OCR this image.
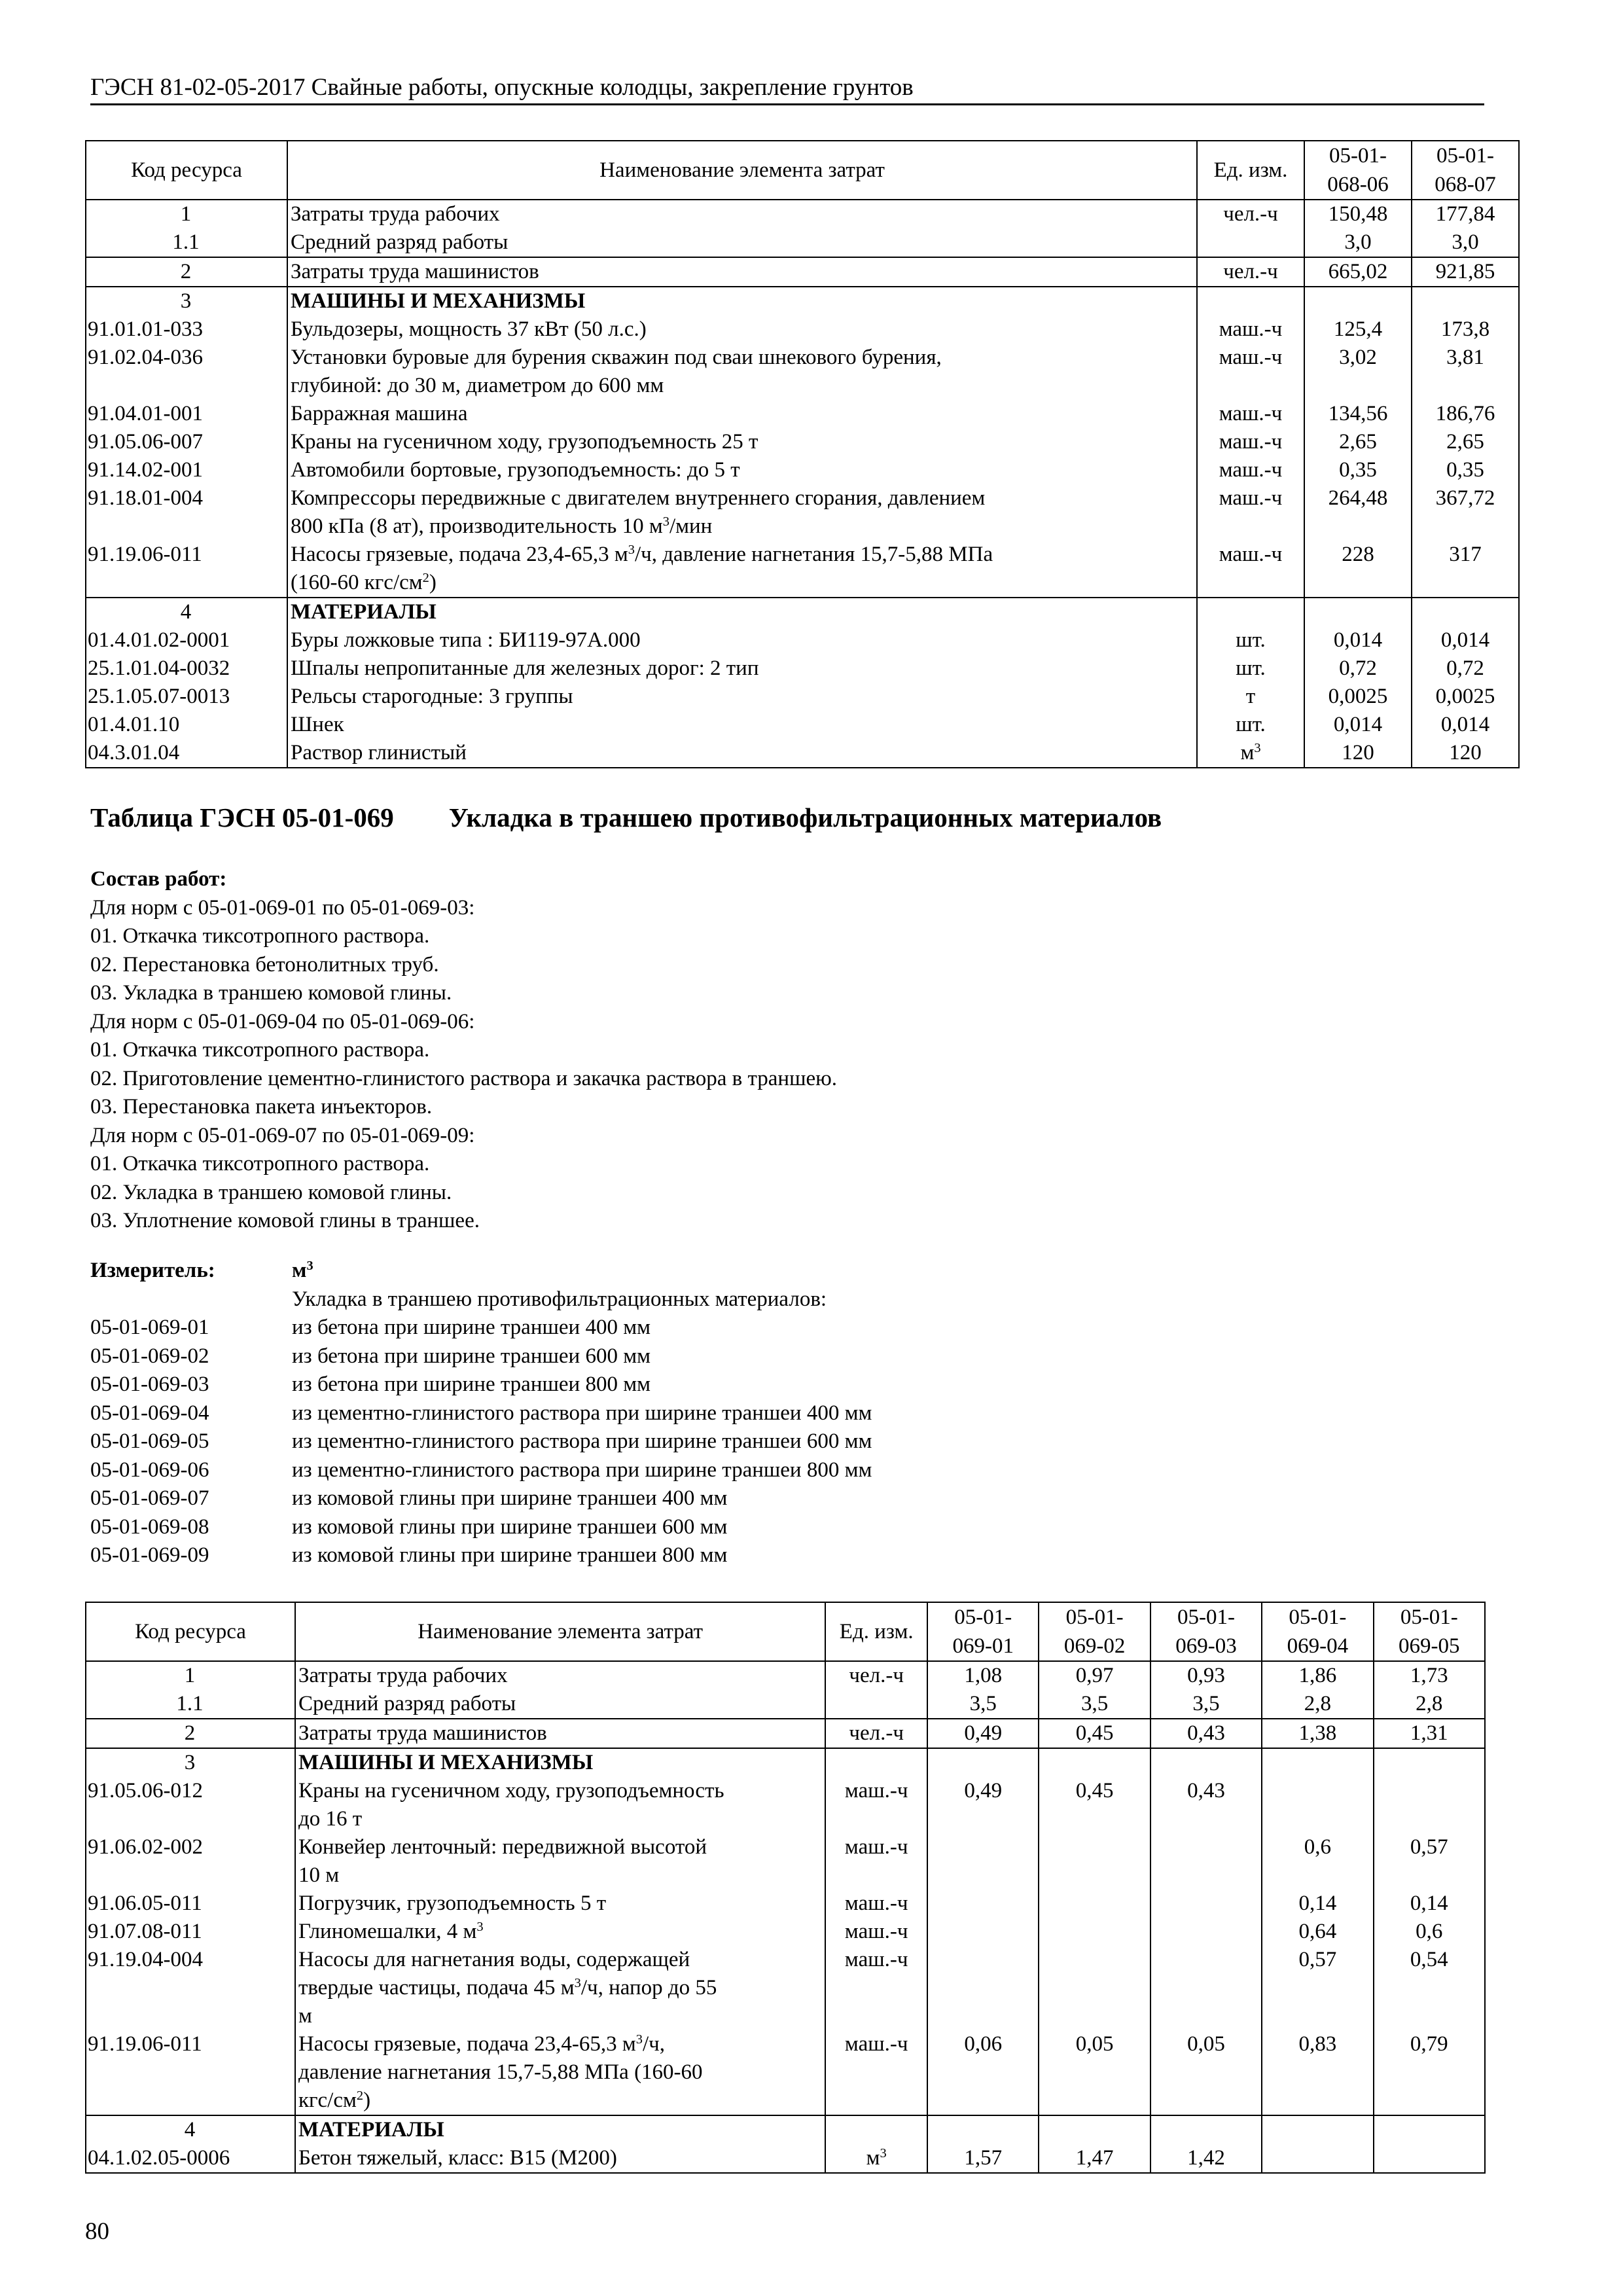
ГЭСН 81-02-05-2017 Свайные работы, опускные колодцы, закрепление грунтов
Код ресурса	Наименование элемента затрат	Ед. изм.	05-01-
068-06	05-01-
068-07
1	Затраты труда рабочих	чел.-ч	150,48	177,84
1.1	Средний разряд работы		3,0	3,0
2	Затраты труда машинистов	чел.-ч	665,02	921,85
3	МАШИНЫ И МЕХАНИЗМЫ			
91.01.01-033	Бульдозеры, мощность 37 кВт (50 л.с.)	маш.-ч	125,4	173,8
91.02.04-036	Установки буровые для бурения скважин под сваи шнекового бурения,
глубиной: до 30 м, диаметром до 600 мм	маш.-ч	3,02	3,81
91.04.01-001	Барражная машина	маш.-ч	134,56	186,76
91.05.06-007	Краны на гусеничном ходу, грузоподъемность 25 т	маш.-ч	2,65	2,65
91.14.02-001	Автомобили бортовые, грузоподъемность: до 5 т	маш.-ч	0,35	0,35
91.18.01-004	Компрессоры передвижные с двигателем внутреннего сгорания, давлением
800 кПа (8 ат), производительность 10 $м^3$/мин	маш.-ч	264,48	367,72
91.19.06-011	Насосы грязевые, подача 23,4-65,3 $м^3/ч$, давление нагнетания 15,7-5,88 МПа
(160-60 кгс/$см^2$)	маш.-ч	228	317
4	МАТЕРИАЛЫ			
01.4.01.02-0001	Буры ложковые типа : БИ119-97А.000	шт.	0,014	0,014
25.1.01.04-0032	Шпалы непропитанные для железных дорог: 2 тип	шт.	0,72	0,72
25.1.05.07-0013	Рельсы старогодные: 3 группы	т	0,0025	0,0025
01.4.01.10	Шнек	шт.	0,014	0,014
04.3.01.04	Раствор глинистый	$м^3$	120	120
Таблица ГЭСН 05-01-069 Укладка в траншею противофильтрационных материалов
Состав работ:
Для норм с 05-01-069-01 по 05-01-069-03:
01. Откачка тиксотропного раствора.
02. Перестановка бетонолитных труб.
03. Укладка в траншею комовой глины.
Для норм с 05-01-069-04 по 05-01-069-06:
01. Откачка тиксотропного раствора.
02. Приготовление цементно-глинистого раствора и закачка раствора в траншею.
03. Перестановка пакета инъекторов.
Для норм с 05-01-069-07 по 05-01-069-09:
01. Откачка тиксотропного раствора.
02. Укладка в траншею комовой глины.
03. Уплотнение комовой глины в траншее.
Измеритель:	$м^3$
Укладка в траншею противофильтрационных материалов:
05-01-069-01	из бетона при ширине траншеи 400 мм
05-01-069-02	из бетона при ширине траншеи 600 мм
05-01-069-03	из бетона при ширине траншеи 800 мм
05-01-069-04	из цементно-глинистого раствора при ширине траншеи 400 мм
05-01-069-05	из цементно-глинистого раствора при ширине траншеи 600 мм
05-01-069-06	из цементно-глинистого раствора при ширине траншеи 800 мм
05-01-069-07	из комовой глины при ширине траншеи 400 мм
05-01-069-08	из комовой глины при ширине траншеи 600 мм
05-01-069-09	из комовой глины при ширине траншеи 800 мм
Код ресурса	Наименование элемента затрат	Ед. изм.	05-01-
069-01	05-01-
069-02	05-01-
069-03	05-01-
069-04	05-01-
069-05
1	Затраты труда рабочих	чел.-ч	1,08	0,97	0,93	1,86	1,73
1.1	Средний разряд работы		3,5	3,5	3,5	2,8	2,8
2	Затраты труда машинистов	чел.-ч	0,49	0,45	0,43	1,38	1,31
3	МАШИНЫ И МЕХАНИЗМЫ						
91.05.06-012	Краны на гусеничном ходу, грузоподъемность
до 16 т	маш.-ч	0,49	0,45	0,43		
91.06.02-002	Конвейер ленточный: передвижной высотой
10 м	маш.-ч				0,6	0,57
91.06.05-011	Погрузчик, грузоподъемность 5 т	маш.-ч				0,14	0,14
91.07.08-011	Глиномешалки, 4 $м^3$	маш.-ч				0,64	0,6
91.19.04-004	Насосы для нагнетания воды, содержащей
твердые частицы, подача 45 $м^3/ч$, напор до 55
м	маш.-ч				0,57	0,54
91.19.06-011	Насосы грязевые, подача 23,4-65,3 $м^3/ч$,
давление нагнетания 15,7-5,88 МПа (160-60
кгс/$см^2$)	маш.-ч	0,06	0,05	0,05	0,83	0,79
4	МАТЕРИАЛЫ						
04.1.02.05-0006	Бетон тяжелый, класс: В15 (М200)	$м^3$	1,57	1,47	1,42		
80
